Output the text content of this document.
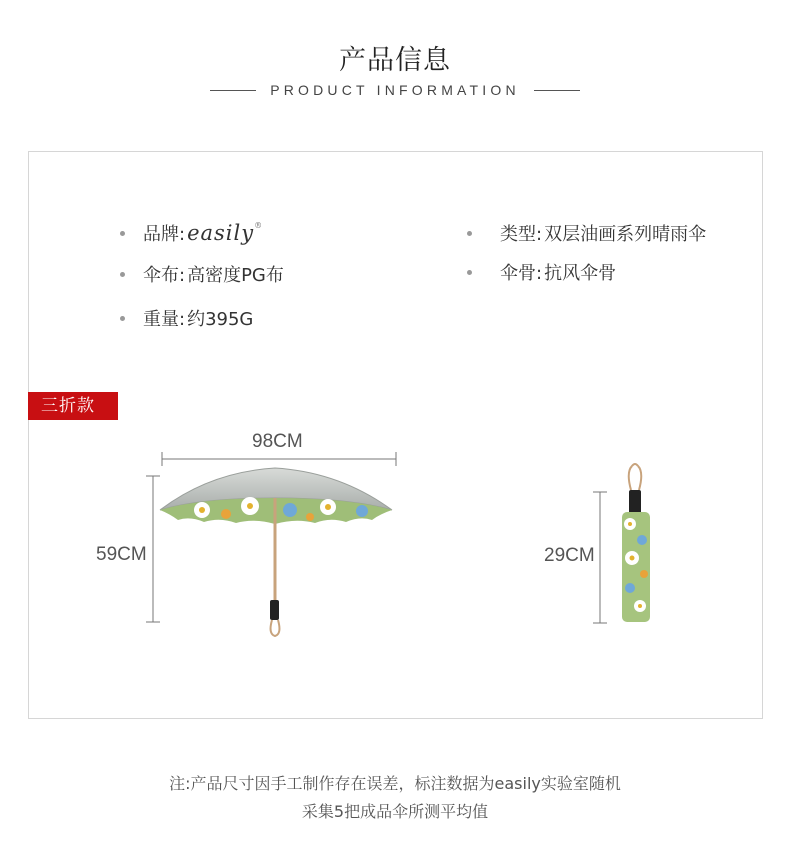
产品信息
PRODUCT INFORMATION
品牌: easily®
伞布: 高密度PG布
重量: 约395G
类型: 双层油画系列晴雨伞
伞骨: 抗风伞骨
三折款
98CM
59CM	29CM
注:产品尺寸因手工制作存在误差，标注数据为easily实验室随机
采集5把成品伞所测平均值
